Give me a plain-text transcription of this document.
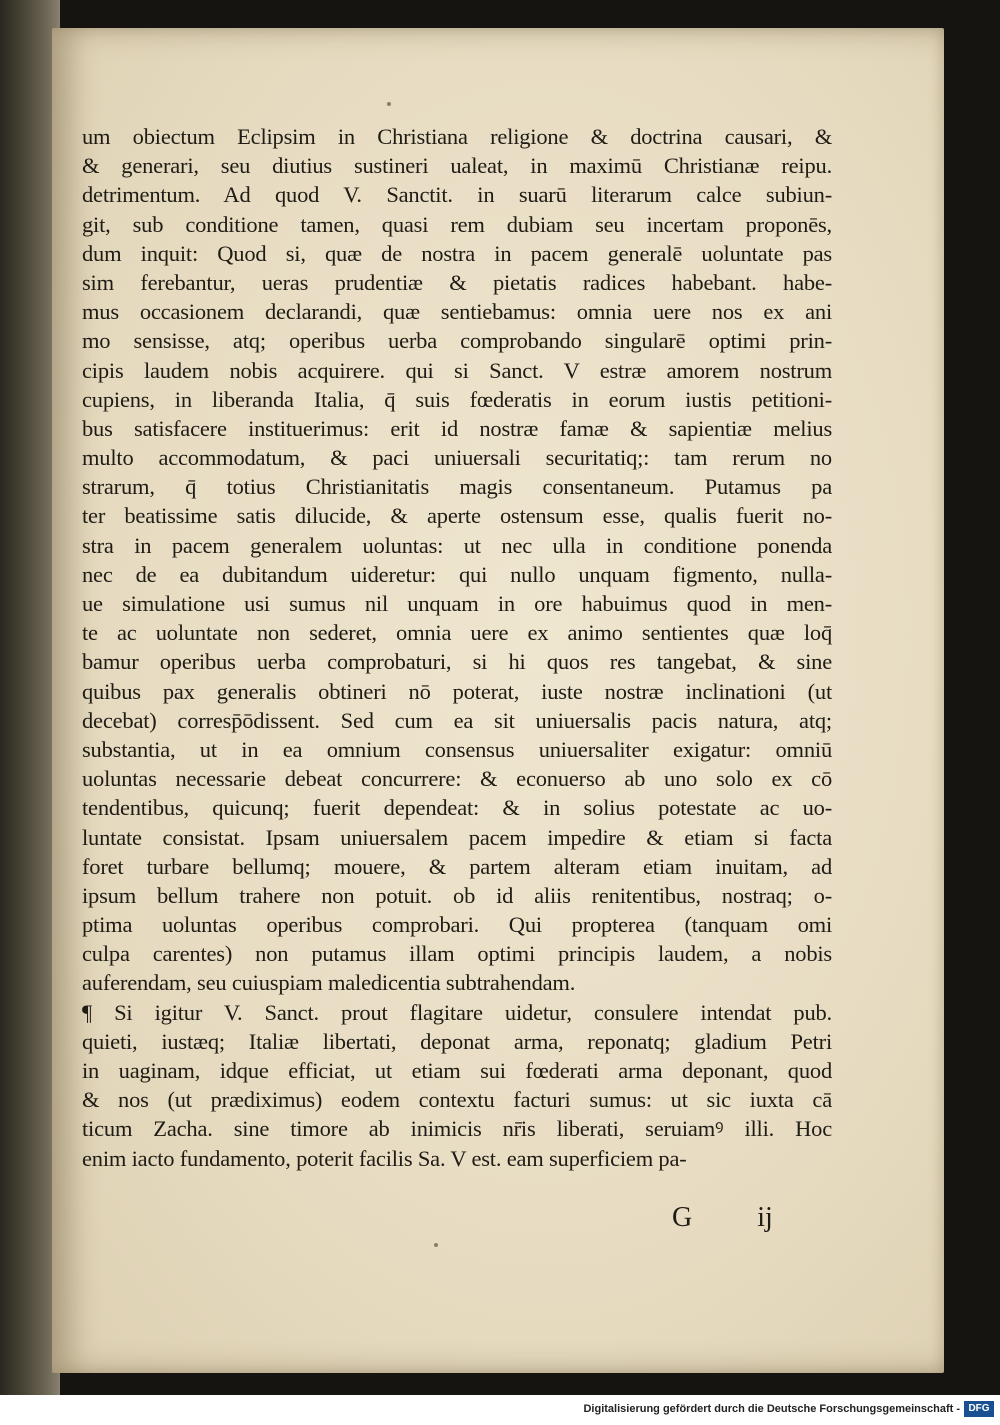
um obiectum Eclipsim in Christiana religione & doctrina causari, &
& generari, seu diutius sustineri ualeat, in maximū Christianæ reipu.
detrimentum. Ad quod V. Sanctit. in suarū literarum calce subiun-
git, sub conditione tamen, quasi rem dubiam seu incertam proponēs,
dum inquit: Quod si, quæ de nostra in pacem generalē uoluntate pas
sim ferebantur, ueras prudentiæ & pietatis radices habebant. habe-
mus occasionem declarandi, quæ sentiebamus: omnia uere nos ex ani
mo sensisse, atq; operibus uerba comprobando singularē optimi prin-
cipis laudem nobis acquirere. qui si Sanct. V estræ amorem nostrum
cupiens, in liberanda Italia, q̄ suis fœderatis in eorum iustis petitioni-
bus satisfacere instituerimus: erit id nostræ famæ & sapientiæ melius
multo accommodatum, & paci uniuersali securitatiq;: tam rerum no
strarum, q̄ totius Christianitatis magis consentaneum. Putamus pa
ter beatissime satis dilucide, & aperte ostensum esse, qualis fuerit no-
stra in pacem generalem uoluntas: ut nec ulla in conditione ponenda
nec de ea dubitandum uideretur: qui nullo unquam figmento, nulla-
ue simulatione usi sumus nil unquam in ore habuimus quod in men-
te ac uoluntate non sederet, omnia uere ex animo sentientes quæ loq̄
bamur operibus uerba comprobaturi, si hi quos res tangebat, & sine
quibus pax generalis obtineri nō poterat, iuste nostræ inclinationi (ut
decebat) corresp̄ōdissent. Sed cum ea sit uniuersalis pacis natura, atq;
substantia, ut in ea omnium consensus uniuersaliter exigatur: omniū
uoluntas necessarie debeat concurrere: & econuerso ab uno solo ex cō
tendentibus, quicunq; fuerit dependeat: & in solius potestate ac uo-
luntate consistat. Ipsam uniuersalem pacem impedire & etiam si facta
foret turbare bellumq; mouere, & partem alteram etiam inuitam, ad
ipsum bellum trahere non potuit. ob id aliis renitentibus, nostraq; o-
ptima uoluntas operibus comprobari. Qui propterea (tanquam omi
culpa carentes) non putamus illam optimi principis laudem, a nobis
auferendam, seu cuiuspiam maledicentia subtrahendam.
¶ Si igitur V. Sanct. prout flagitare uidetur, consulere intendat pub.
quieti, iustæq; Italiæ libertati, deponat arma, reponatq; gladium Petri
in uaginam, idque efficiat, ut etiam sui fœderati arma deponant, quod
& nos (ut prædiximus) eodem contextu facturi sumus: ut sic iuxta cā
ticum Zacha. sine timore ab inimicis nr̄is liberati, seruiamꝰ illi. Hoc
enim iacto fundamento, poterit facilis Sa. V est. eam superficiem pa-
G ij
Digitalisierung gefördert durch die Deutsche Forschungsgemeinschaft - DFG
